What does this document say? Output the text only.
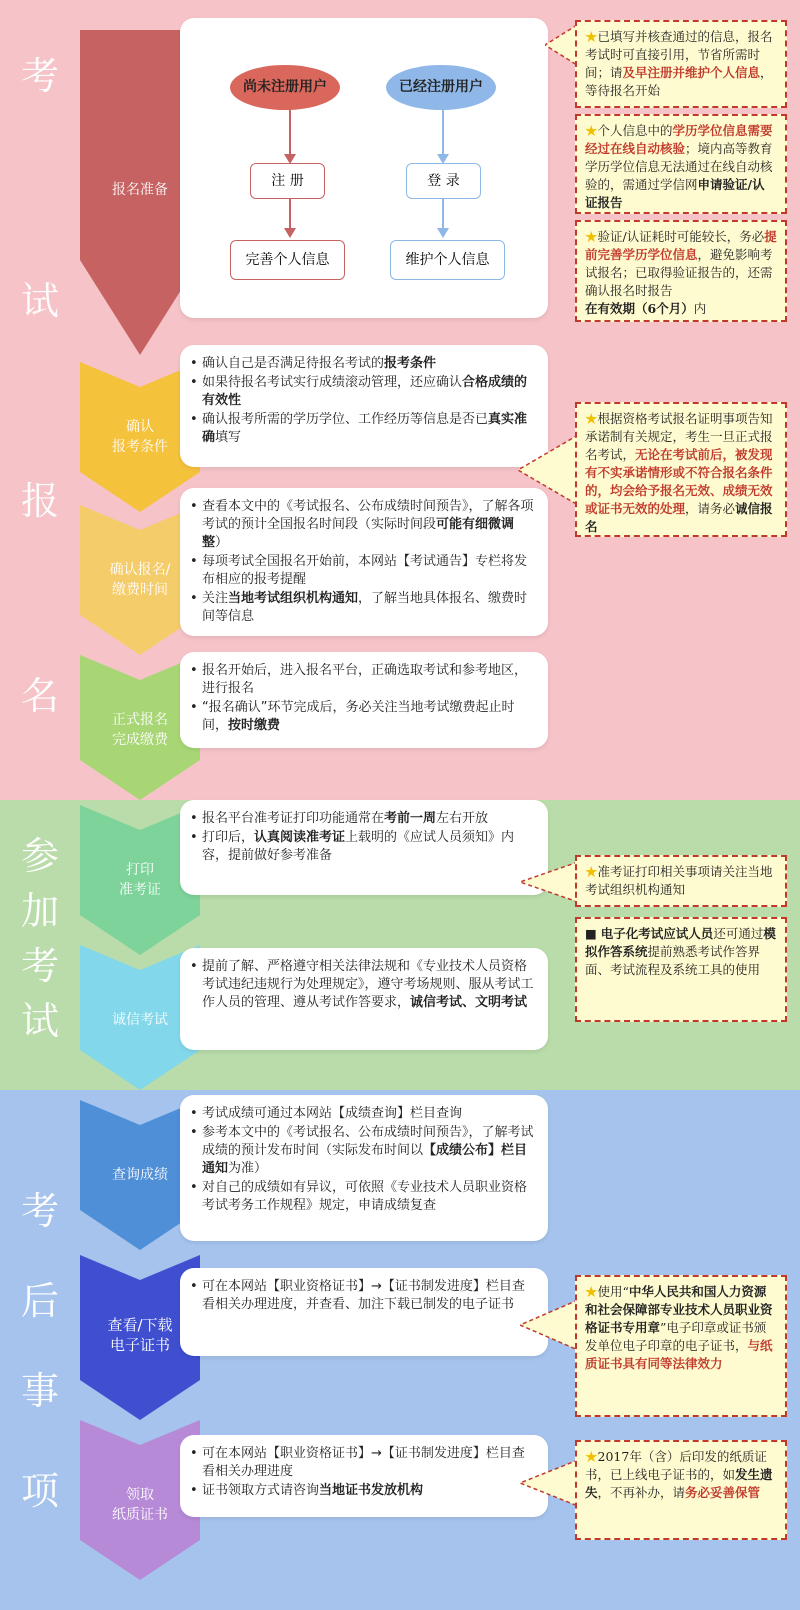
考
试
报
名
参
加
考
试
考
后
事
项
报名准备
尚未注册用户	已经注册用户
注 册	登 录
完善个人信息	维护个人信息
★已填写并核查通过的信息，报名考试时可直接引用，节省所需时间；请及早注册并维护个人信息，等待报名开始
★个人信息中的学历学位信息需要经过在线自动核验；境内高等教育学历学位信息无法通过在线自动核验的，需通过学信网申请验证/认证报告
★验证/认证耗时可能较长，务必提前完善学历学位信息，避免影响考试报名；已取得验证报告的，还需确认报名时报告在有效期（6个月）内
确认
报考条件
• 确认自己是否满足待报名考试的报考条件
• 如果待报名考试实行成绩滚动管理，还应确认合格成绩的有效性
• 确认报考所需的学历学位、工作经历等信息是否已真实准确填写
★根据资格考试报名证明事项告知承诺制有关规定，考生一旦正式报名考试，无论在考试前后，被发现有不实承诺情形或不符合报名条件的，均会给予报名无效、成绩无效或证书无效的处理，请务必诚信报名
确认报名/
缴费时间
• 查看本文中的《考试报名、公布成绩时间预告》，了解各项考试的预计全国报名时间段（实际时间段可能有细微调整）
• 每项考试全国报名开始前，本网站【考试通告】专栏将发布相应的报考提醒
• 关注当地考试组织机构通知，了解当地具体报名、缴费时间等信息
正式报名
完成缴费
• 报名开始后，进入报名平台，正确选取考试和参考地区，进行报名
• “报名确认”环节完成后，务必关注当地考试缴费起止时间，按时缴费
打印
准考证
• 报名平台准考证打印功能通常在考前一周左右开放
• 打印后，认真阅读准考证上载明的《应试人员须知》内容，提前做好参考准备
★准考证打印相关事项请关注当地考试组织机构通知
■ 电子化考试应试人员还可通过模拟作答系统提前熟悉考试作答界面、考试流程及系统工具的使用
诚信考试
• 提前了解、严格遵守相关法律法规和《专业技术人员资格考试违纪违规行为处理规定》，遵守考场规则、服从考试工作人员的管理、遵从考试作答要求，诚信考试、文明考试
查询成绩
• 考试成绩可通过本网站【成绩查询】栏目查询
• 参考本文中的《考试报名、公布成绩时间预告》，了解考试成绩的预计发布时间（实际发布时间以【成绩公布】栏目通知为准）
• 对自己的成绩如有异议，可依照《专业技术人员职业资格考试考务工作规程》规定，申请成绩复查
查看/下载
电子证书
• 可在本网站【职业资格证书】→【证书制发进度】栏目查看相关办理进度，并查看、加注下载已制发的电子证书
★使用“中华人民共和国人力资源和社会保障部专业技术人员职业资格证书专用章”电子印章或证书颁发单位电子印章的电子证书，与纸质证书具有同等法律效力
领取
纸质证书
• 可在本网站【职业资格证书】→【证书制发进度】栏目查看相关办理进度
• 证书领取方式请咨询当地证书发放机构
★2017年（含）后印发的纸质证书，已上线电子证书的，如发生遗失，不再补办，请务必妥善保管
